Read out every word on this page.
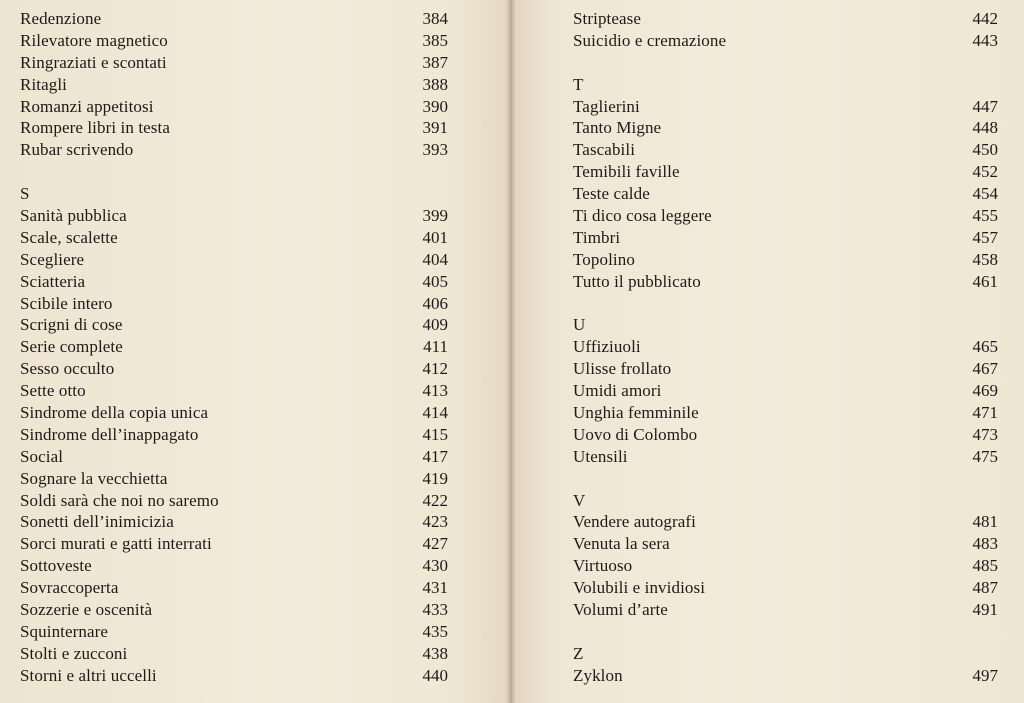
Redenzione	384
Rilevatore magnetico	385
Ringraziati e scontati	387
Ritagli	388
Romanzi appetitosi	390
Rompere libri in testa	391
Rubar scrivendo	393
S
Sanità pubblica	399
Scale, scalette	401
Scegliere	404
Sciatteria	405
Scibile intero	406
Scrigni di cose	409
Serie complete	411
Sesso occulto	412
Sette otto	413
Sindrome della copia unica	414
Sindrome dell’inappagato	415
Social	417
Sognare la vecchietta	419
Soldi sarà che noi no saremo	422
Sonetti dell’inimicizia	423
Sorci murati e gatti interrati	427
Sottoveste	430
Sovraccoperta	431
Sozzerie e oscenità	433
Squinternare	435
Stolti e zucconi	438
Storni e altri uccelli	440
Striptease	442
Suicidio e cremazione	443
T
Taglierini	447
Tanto Migne	448
Tascabili	450
Temibili faville	452
Teste calde	454
Ti dico cosa leggere	455
Timbri	457
Topolino	458
Tutto il pubblicato	461
U
Uffiziuoli	465
Ulisse frollato	467
Umidi amori	469
Unghia femminile	471
Uovo di Colombo	473
Utensili	475
V
Vendere autografi	481
Venuta la sera	483
Virtuoso	485
Volubili e invidiosi	487
Volumi d’arte	491
Z
Zyklon	497
